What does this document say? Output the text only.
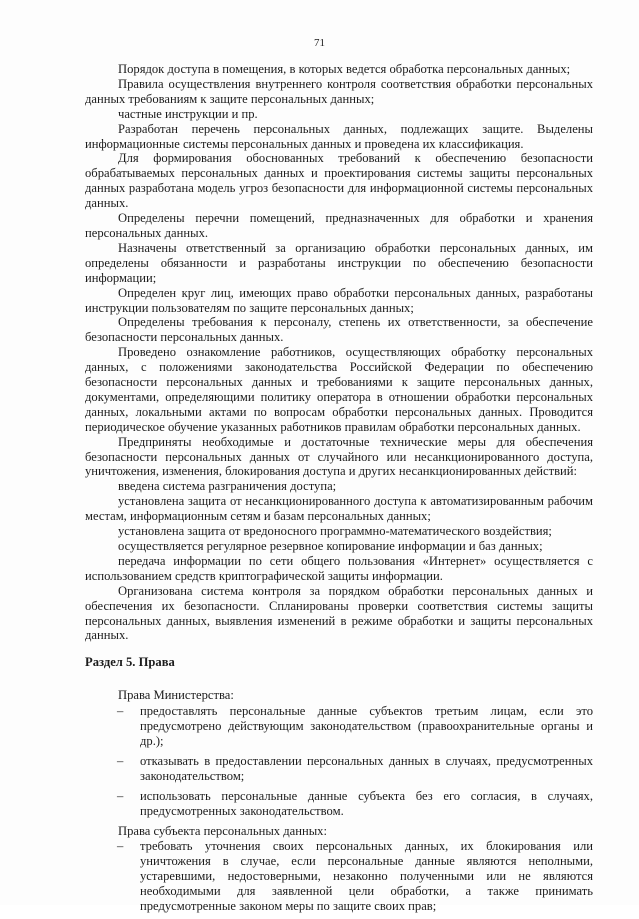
71

Порядок доступа в помещения, в которых ведется обработка персональных данных;

Правила осуществления внутреннего контроля соответствия обработки персональных данных требованиям к защите персональных данных;

частные инструкции и пр.

Разработан перечень персональных данных, подлежащих защите. Выделены информационные системы персональных данных и проведена их классификация.

Для формирования обоснованных требований к обеспечению безопасности обрабатываемых персональных данных и проектирования системы защиты персональных данных разработана модель угроз безопасности для информационной системы персональных данных.

Определены перечни помещений, предназначенных для обработки и хранения персональных данных.

Назначены ответственный за организацию обработки персональных данных, им определены обязанности и разработаны инструкции по обеспечению безопасности информации;

Определен круг лиц, имеющих право обработки персональных данных, разработаны инструкции пользователям по защите персональных данных;

Определены требования к персоналу, степень их ответственности, за обеспечение безопасности персональных данных.

Проведено ознакомление работников, осуществляющих обработку персональных данных, с положениями законодательства Российской Федерации по обеспечению безопасности персональных данных и требованиями к защите персональных данных, документами, определяющими политику оператора в отношении обработки персональных данных, локальными актами по вопросам обработки персональных данных. Проводится периодическое обучение указанных работников правилам обработки персональных данных.

Предприняты необходимые и достаточные технические меры для обеспечения безопасности персональных данных от случайного или несанкционированного доступа, уничтожения, изменения, блокирования доступа и других несанкционированных действий:

введена система разграничения доступа;

установлена защита от несанкционированного доступа к автоматизированным рабочим местам, информационным сетям и базам персональных данных;

установлена защита от вредоносного программно-математического воздействия;

осуществляется регулярное резервное копирование информации и баз данных;

передача информации по сети общего пользования «Интернет» осуществляется с использованием средств криптографической защиты информации.

Организована система контроля за порядком обработки персональных данных и обеспечения их безопасности. Спланированы проверки соответствия системы защиты персональных данных, выявления изменений в режиме обработки и защиты персональных данных.

Раздел 5. Права

Права Министерства:

– предоставлять персональные данные субъектов третьим лицам, если это предусмотрено действующим законодательством (правоохранительные органы и др.);
– отказывать в предоставлении персональных данных в случаях, предусмотренных законодательством;
– использовать персональные данные субъекта без его согласия, в случаях, предусмотренных законодательством.

Права субъекта персональных данных:

– требовать уточнения своих персональных данных, их блокирования или уничтожения в случае, если персональные данные являются неполными, устаревшими, недостоверными, незаконно полученными или не являются необходимыми для заявленной цели обработки, а также принимать предусмотренные законом меры по защите своих прав;
